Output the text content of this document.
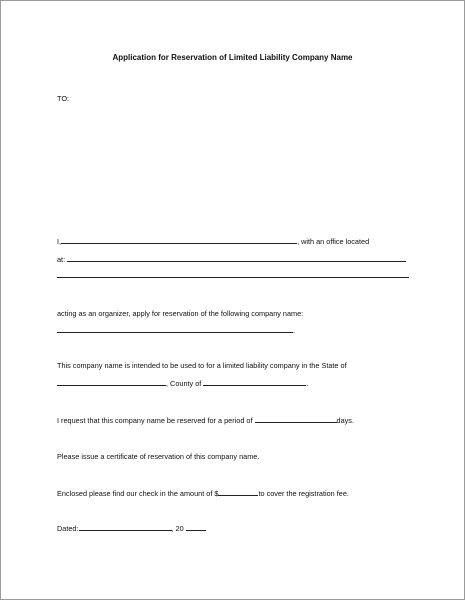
Application for Reservation of Limited Liability Company Name
TO:
I,	, with an office located
at:
acting as an organizer, apply for reservation of the following company name:
.
This company name is intended to be used to for a limited liability company in the State of
, County of	.
I request that this company name be reserved for a period of	days.
Please issue a certificate of reservation of this company name.
Enclosed please find our check in the amount of $	to cover the registration fee.
Dated:	, 20
